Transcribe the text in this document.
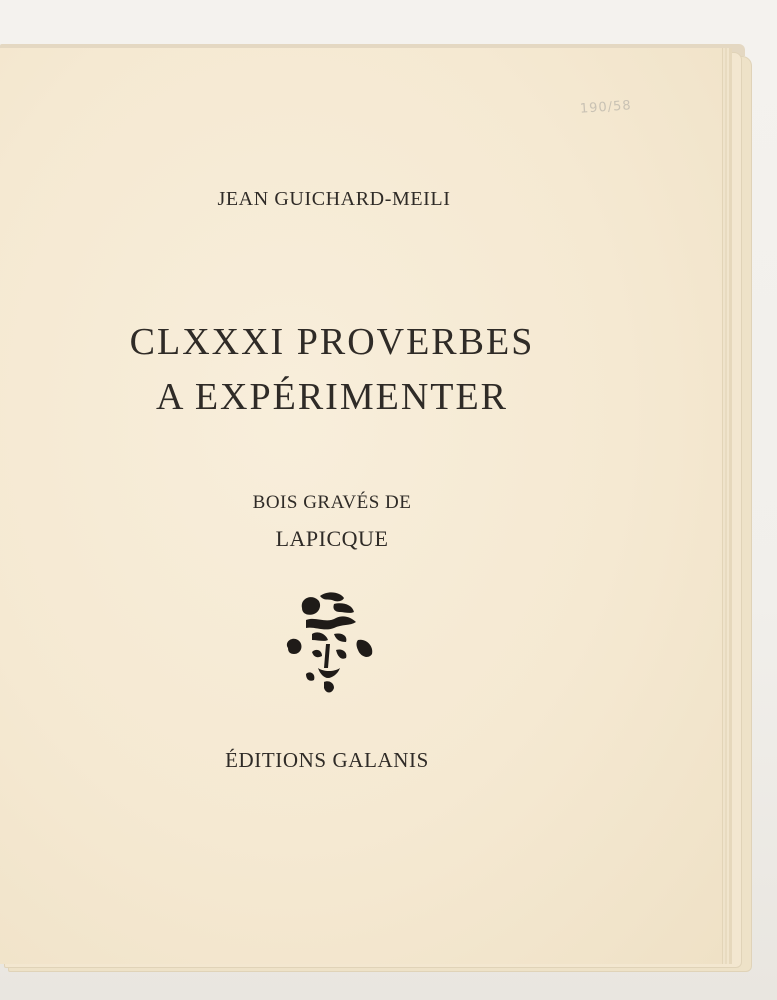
190/58
JEAN GUICHARD-MEILI
CLXXXI PROVERBES
A EXPÉRIMENTER
BOIS GRAVÉS DE
LAPICQUE
ÉDITIONS GALANIS
